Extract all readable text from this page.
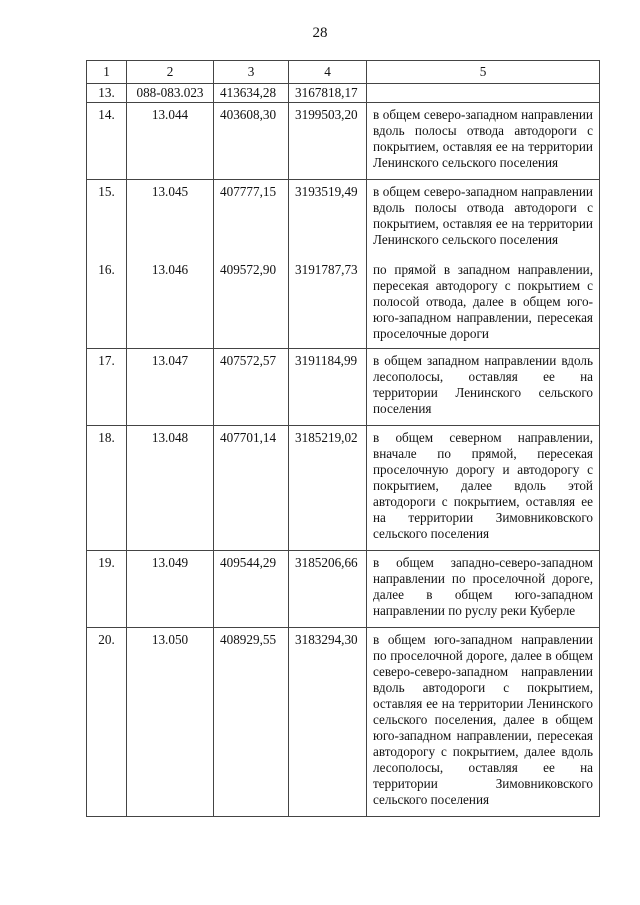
28
1	2	3	4	5
13.	088-083.023	413634,28	3167818,17	
14.	13.044	403608,30	3199503,20	в общем северо-западном направлении вдоль полосы отвода автодороги с покрытием, оставляя ее на территории Ленинского сельского поселения
15.	13.045	407777,15	3193519,49	в общем северо-западном направлении вдоль полосы отвода автодороги с покрытием, оставляя ее на территории Ленинского сельского поселения
16.	13.046	409572,90	3191787,73	по прямой в западном направлении, пересекая автодорогу с покрытием с полосой отвода, далее в общем юго-юго-западном направлении, пересекая проселочные дороги
17.	13.047	407572,57	3191184,99	в общем западном направлении вдоль лесополосы, оставляя ее на территории Ленинского сельского поселения
18.	13.048	407701,14	3185219,02	в общем северном направлении, вначале по прямой, пересекая проселочную дорогу и автодорогу с покрытием, далее вдоль этой автодороги с покрытием, оставляя ее на территории Зимовниковского сельского поселения
19.	13.049	409544,29	3185206,66	в общем западно-северо-западном направлении по проселочной дороге, далее в общем юго-западном направлении по руслу реки Куберле
20.	13.050	408929,55	3183294,30	в общем юго-западном направлении по проселочной дороге, далее в общем северо-северо-западном направлении вдоль автодороги с покрытием, оставляя ее на территории Ленинского сельского поселения, далее в общем юго-западном направлении, пересекая автодорогу с покрытием, далее вдоль лесополосы, оставляя ее на территории Зимовниковского сельского поселения
